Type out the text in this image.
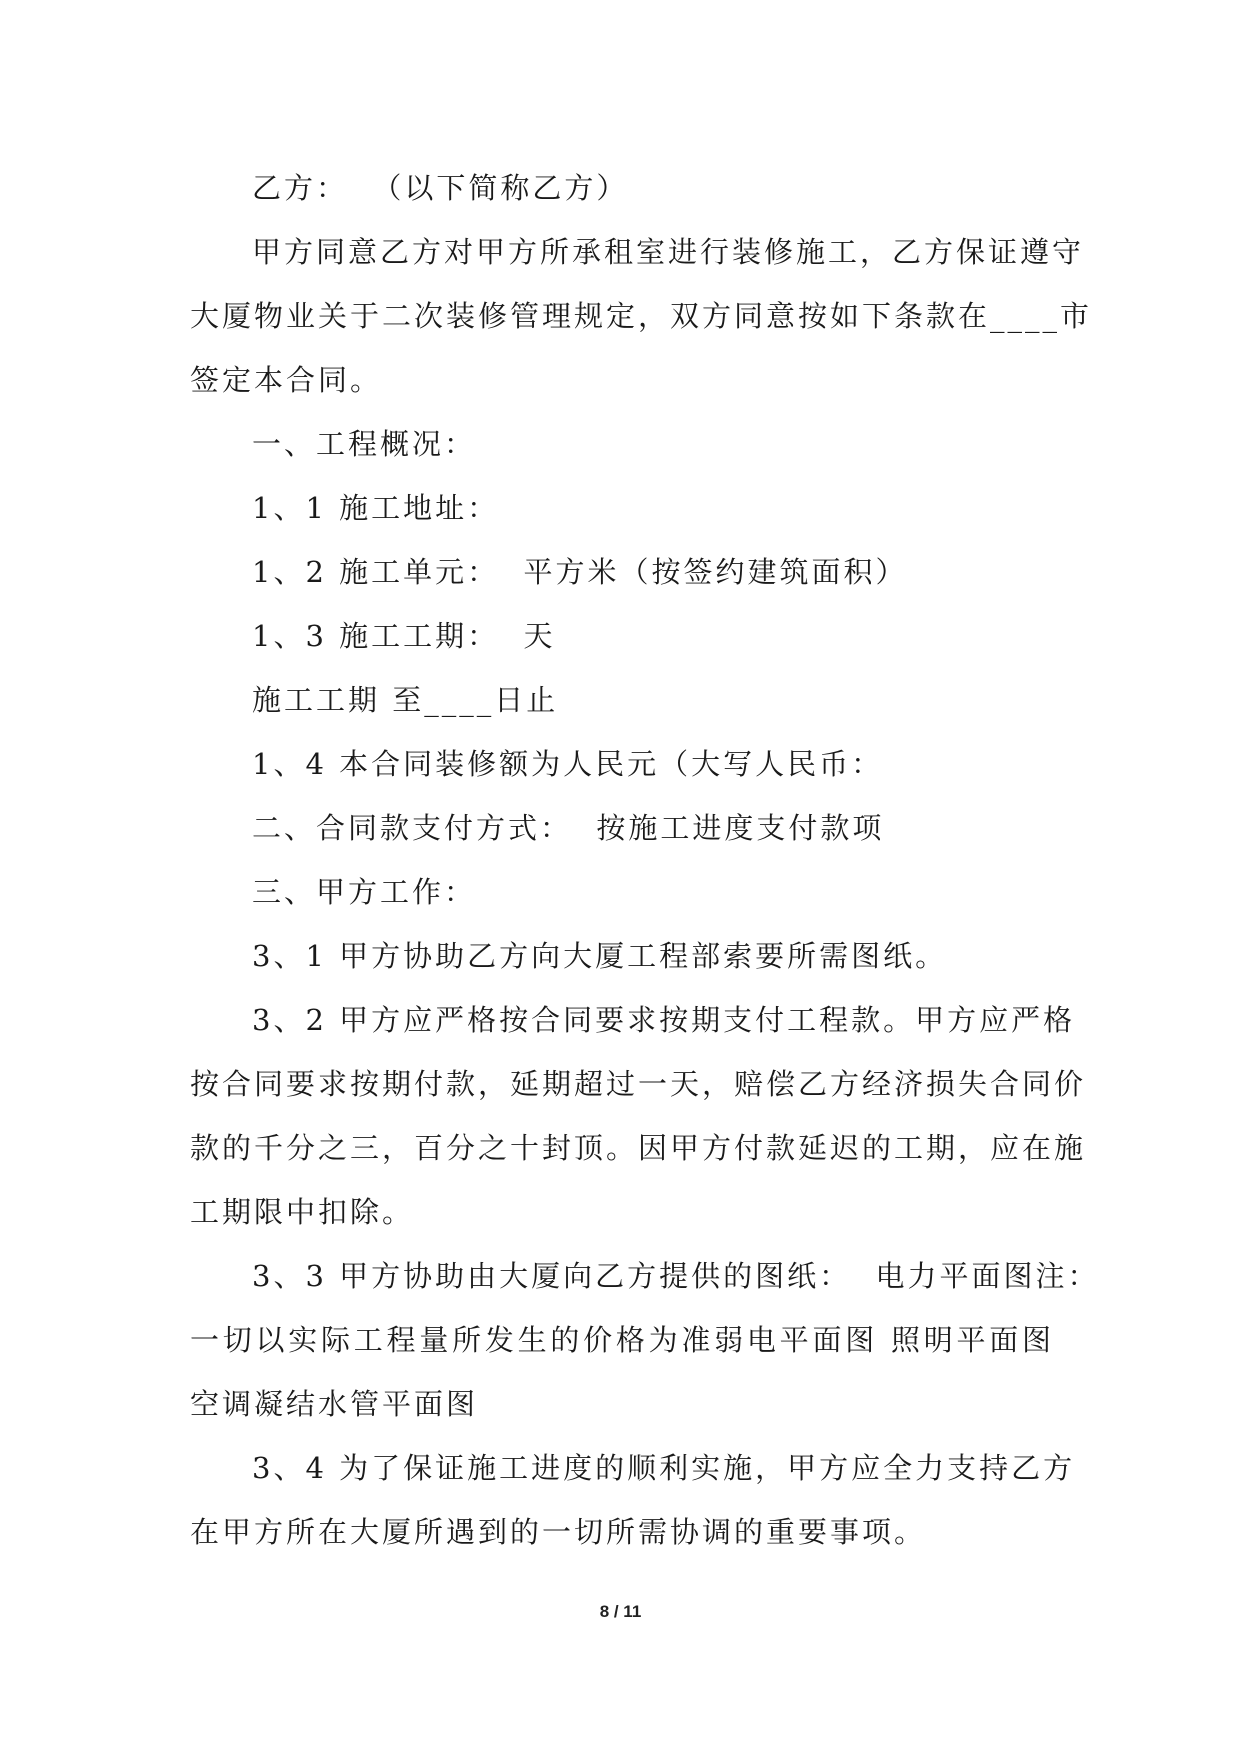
乙方：  （以下简称乙方）

甲方同意乙方对甲方所承租室进行装修施工，乙方保证遵守

大厦物业关于二次装修管理规定，双方同意按如下条款在____市

签定本合同。

一、工程概况：

1、1 施工地址：

1、2 施工单元：  平方米（按签约建筑面积）

1、3 施工工期：  天

施工工期 至____日止

1、4 本合同装修额为人民元（大写人民币：

二、合同款支付方式：  按施工进度支付款项

三、甲方工作：

3、1 甲方协助乙方向大厦工程部索要所需图纸。

3、2 甲方应严格按合同要求按期支付工程款。甲方应严格

按合同要求按期付款，延期超过一天，赔偿乙方经济损失合同价

款的千分之三，百分之十封顶。因甲方付款延迟的工期，应在施

工期限中扣除。

3、3 甲方协助由大厦向乙方提供的图纸：  电力平面图注：

一切以实际工程量所发生的价格为准弱电平面图 照明平面图

空调凝结水管平面图

3、4 为了保证施工进度的顺利实施，甲方应全力支持乙方

在甲方所在大厦所遇到的一切所需协调的重要事项。

8 / 11
